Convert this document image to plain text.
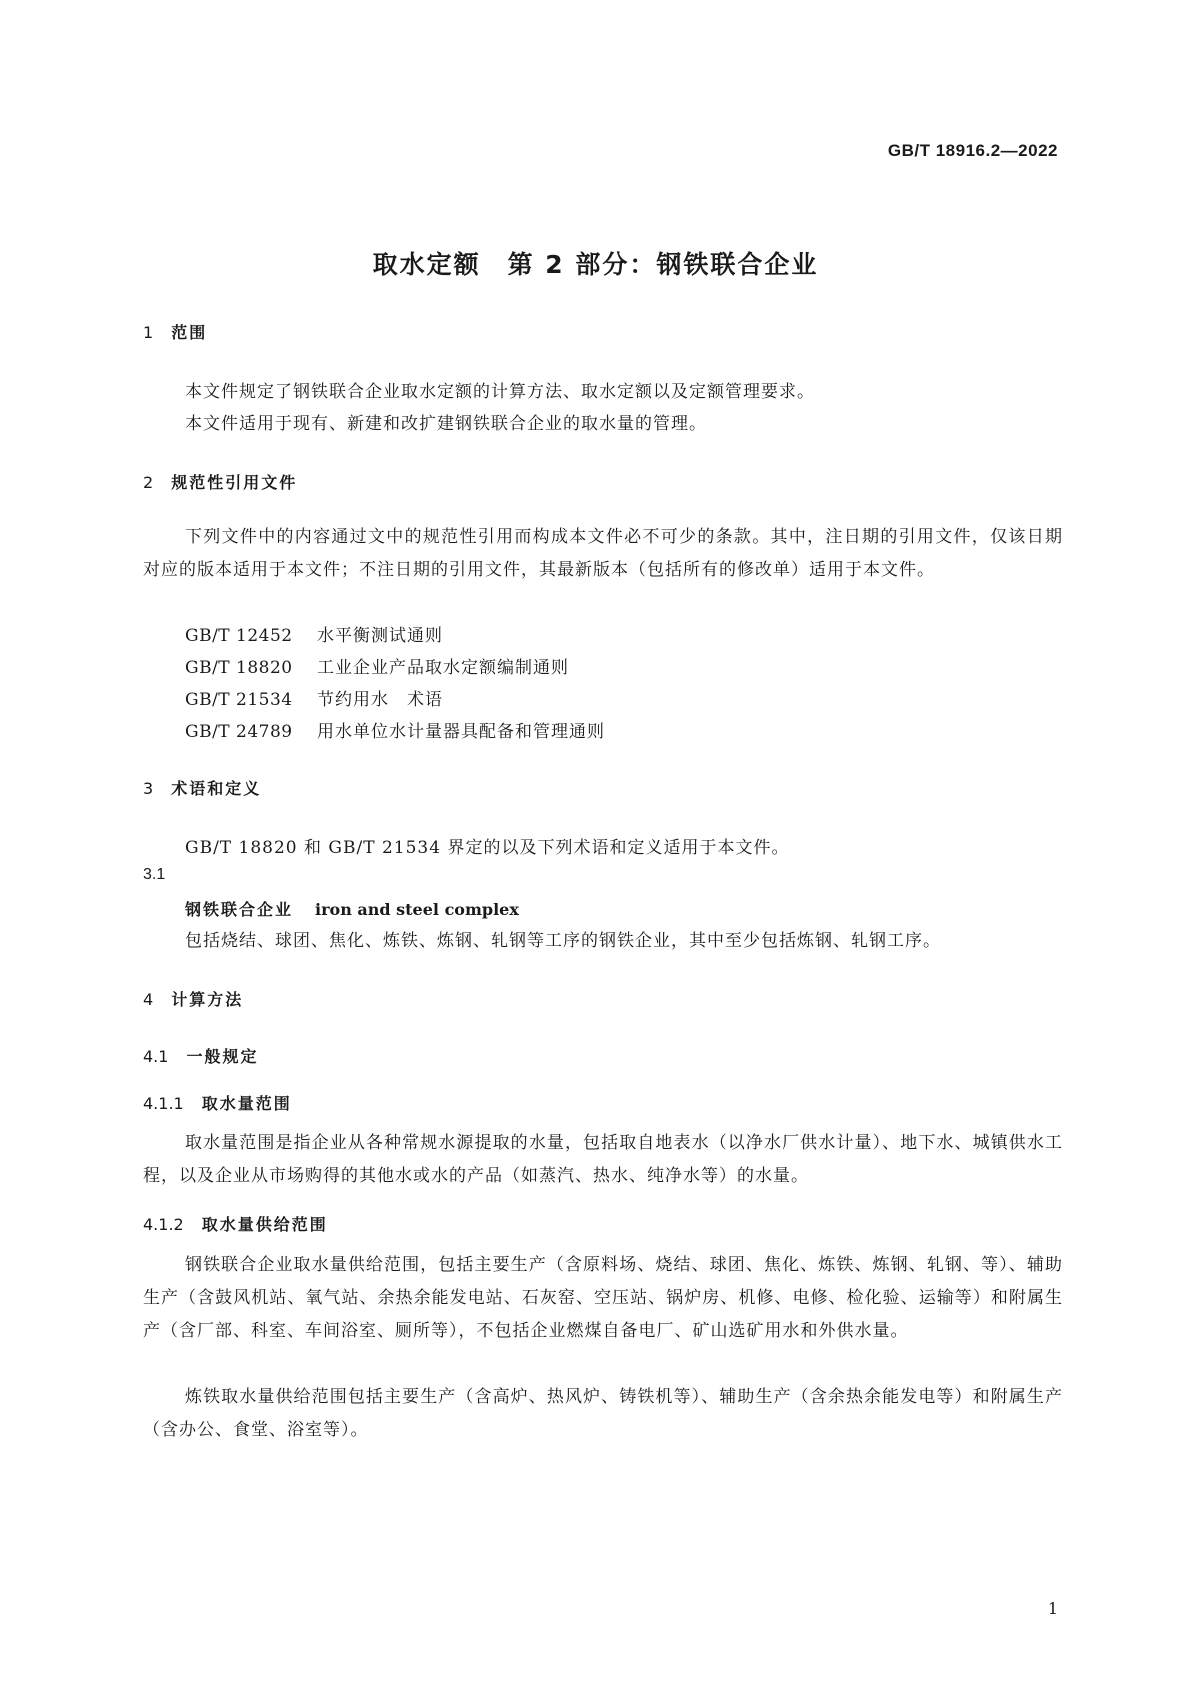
GB/T 18916.2—2022
取水定额　第 2 部分：钢铁联合企业
1 范围
本文件规定了钢铁联合企业取水定额的计算方法、取水定额以及定额管理要求。
本文件适用于现有、新建和改扩建钢铁联合企业的取水量的管理。
2 规范性引用文件
下列文件中的内容通过文中的规范性引用而构成本文件必不可少的条款。其中，注日期的引用文件，仅该日期对应的版本适用于本文件；不注日期的引用文件，其最新版本（包括所有的修改单）适用于本文件。
GB/T 12452 水平衡测试通则
GB/T 18820 工业企业产品取水定额编制通则
GB/T 21534 节约用水　术语
GB/T 24789 用水单位水计量器具配备和管理通则
3 术语和定义
GB/T 18820 和 GB/T 21534 界定的以及下列术语和定义适用于本文件。
3.1
钢铁联合企业 iron and steel complex
包括烧结、球团、焦化、炼铁、炼钢、轧钢等工序的钢铁企业，其中至少包括炼钢、轧钢工序。
4 计算方法
4.1 一般规定
4.1.1 取水量范围
取水量范围是指企业从各种常规水源提取的水量，包括取自地表水（以净水厂供水计量）、地下水、城镇供水工程，以及企业从市场购得的其他水或水的产品（如蒸汽、热水、纯净水等）的水量。
4.1.2 取水量供给范围
钢铁联合企业取水量供给范围，包括主要生产（含原料场、烧结、球团、焦化、炼铁、炼钢、轧钢、等）、辅助生产（含鼓风机站、氧气站、余热余能发电站、石灰窑、空压站、锅炉房、机修、电修、检化验、运输等）和附属生产（含厂部、科室、车间浴室、厕所等），不包括企业燃煤自备电厂、矿山选矿用水和外供水量。
炼铁取水量供给范围包括主要生产（含高炉、热风炉、铸铁机等）、辅助生产（含余热余能发电等）和附属生产（含办公、食堂、浴室等）。
1
